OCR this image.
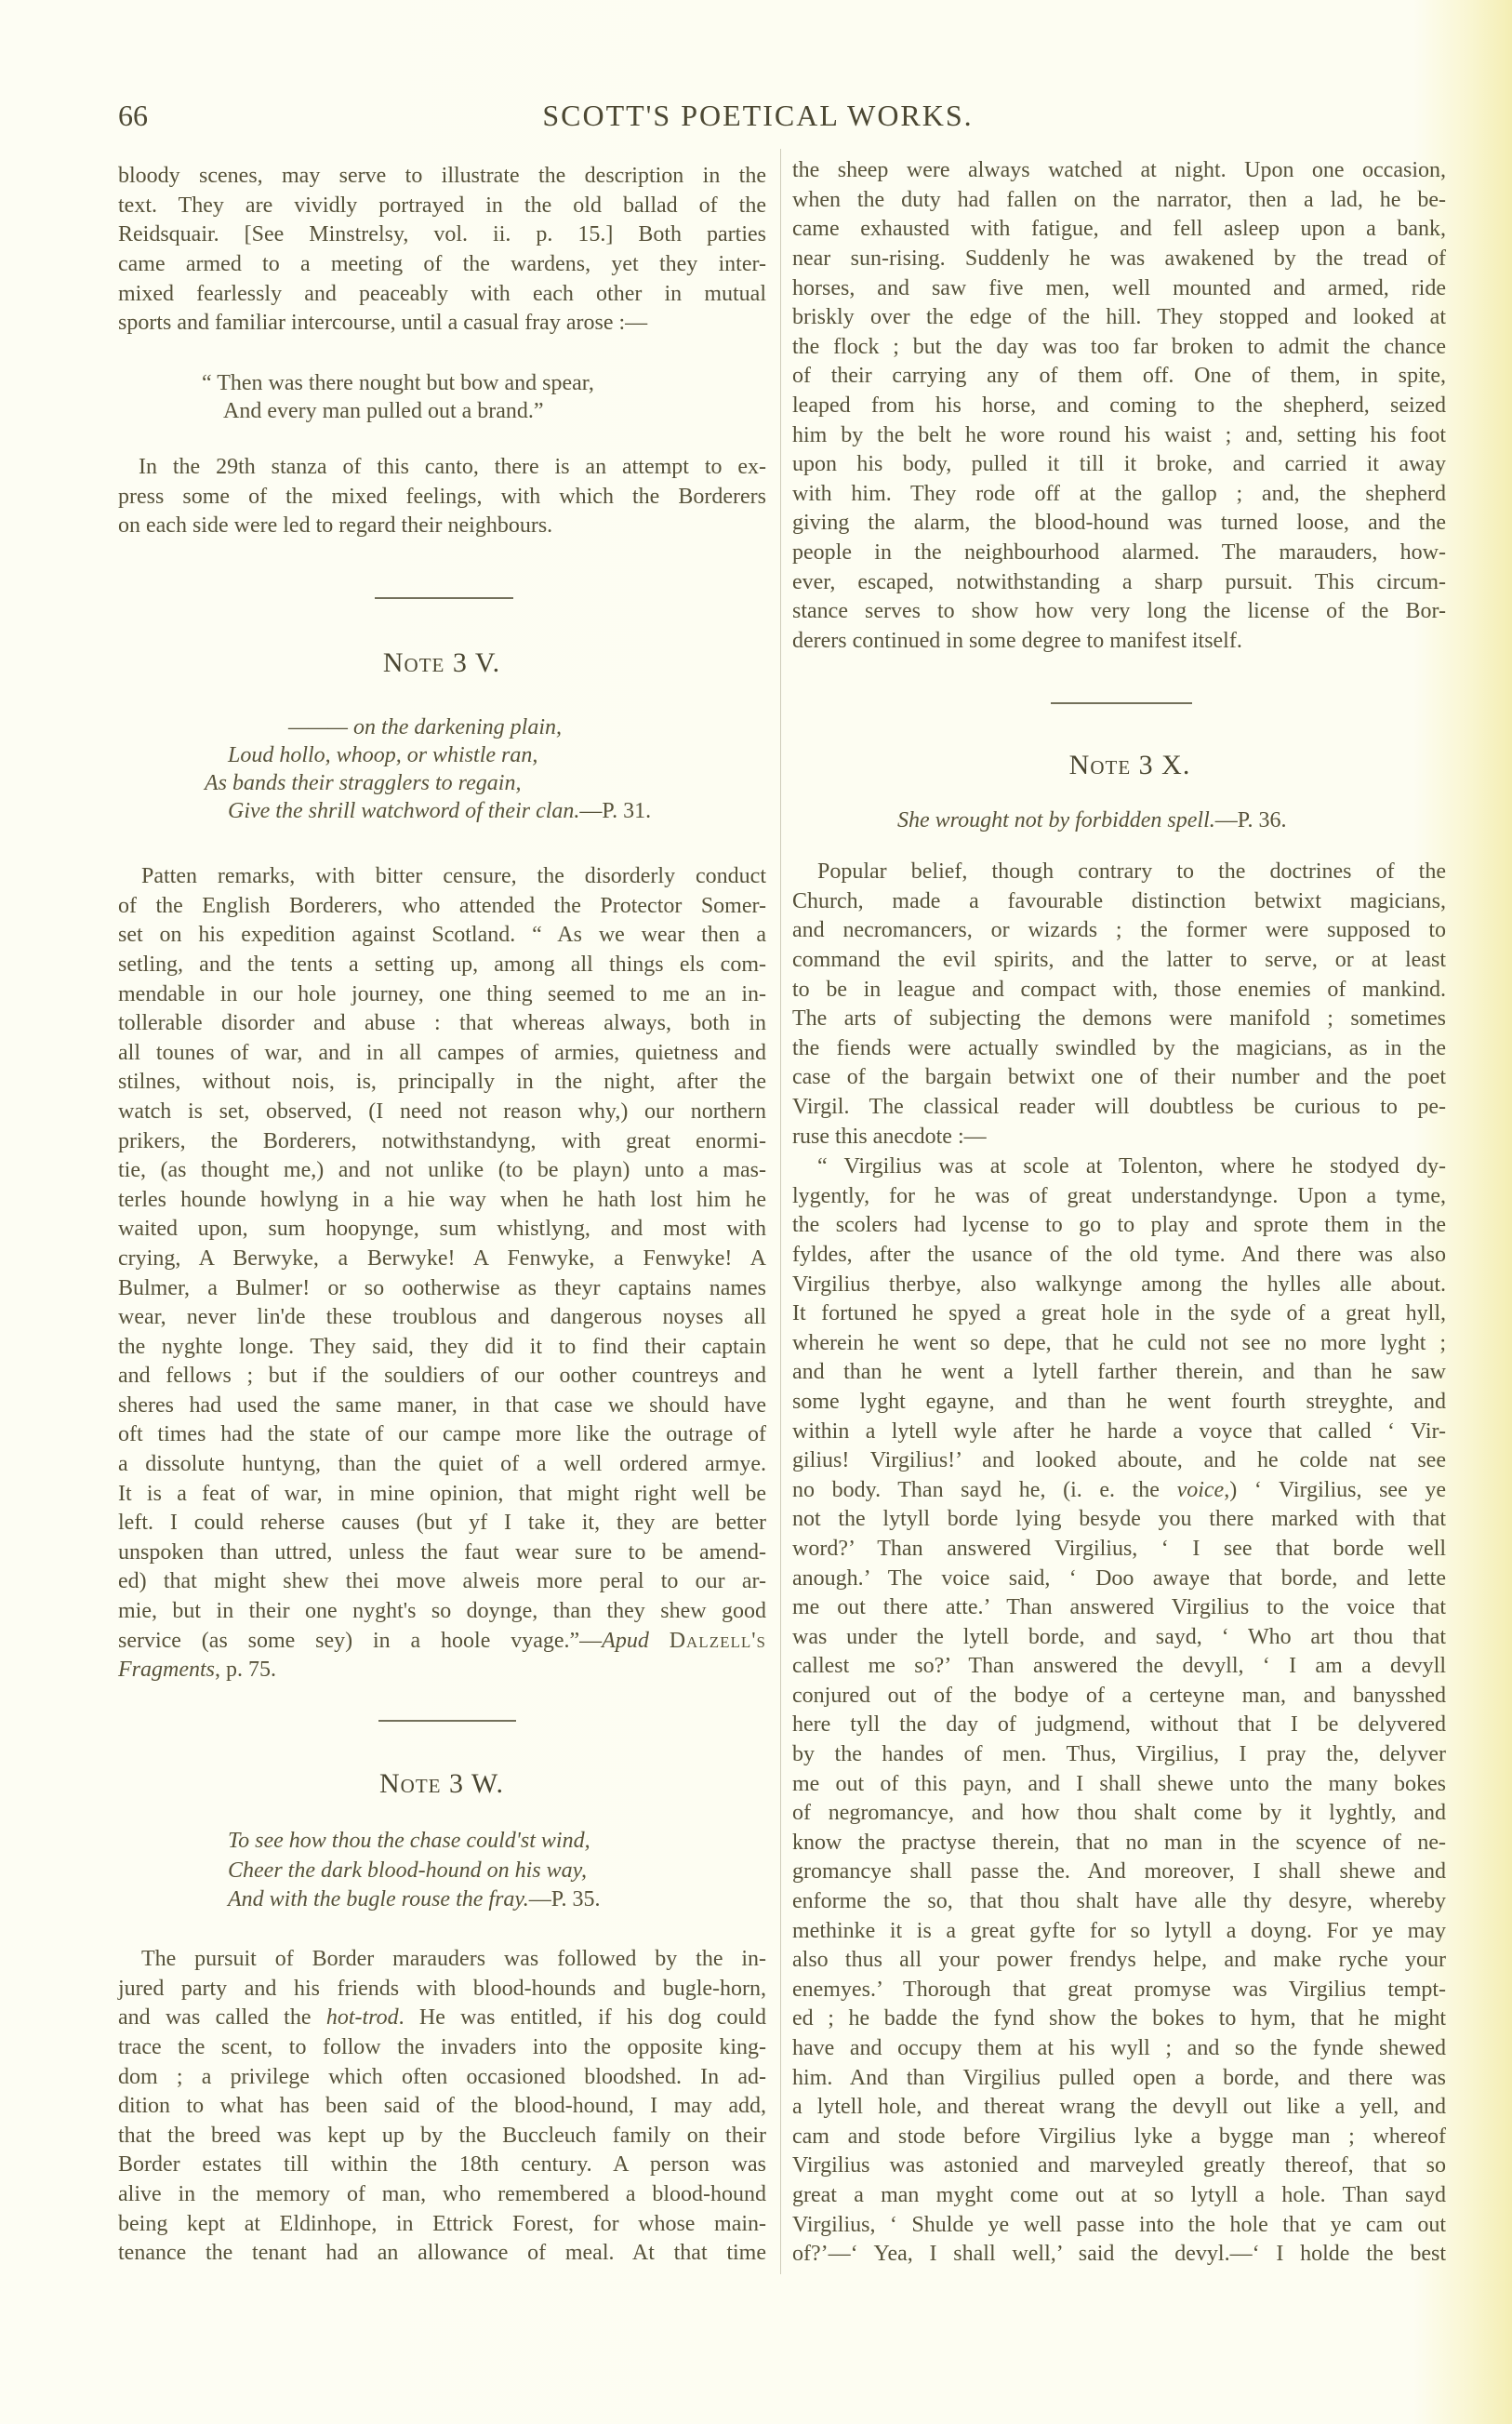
66	SCOTT'S POETICAL WORKS.
bloody scenes, may serve to illustrate the description in the
text. They are vividly portrayed in the old ballad of the
Reidsquair. [See Minstrelsy, vol. ii. p. 15.] Both parties
came armed to a meeting of the wardens, yet they inter-
mixed fearlessly and peaceably with each other in mutual
sports and familiar intercourse, until a casual fray arose :—
“ Then was there nought but bow and spear,
And every man pulled out a brand.”
In the 29th stanza of this canto, there is an attempt to ex-
press some of the mixed feelings, with which the Borderers
on each side were led to regard their neighbours.
Note 3 V.
——— on the darkening plain,
Loud hollo, whoop, or whistle ran,
As bands their stragglers to regain,
Give the shrill watchword of their clan.—P. 31.
Patten remarks, with bitter censure, the disorderly conduct
of the English Borderers, who attended the Protector Somer-
set on his expedition against Scotland. “ As we wear then a
setling, and the tents a setting up, among all things els com-
mendable in our hole journey, one thing seemed to me an in-
tollerable disorder and abuse : that whereas always, both in
all tounes of war, and in all campes of armies, quietness and
stilnes, without nois, is, principally in the night, after the
watch is set, observed, (I need not reason why,) our northern
prikers, the Borderers, notwithstandyng, with great enormi-
tie, (as thought me,) and not unlike (to be playn) unto a mas-
terles hounde howlyng in a hie way when he hath lost him he
waited upon, sum hoopynge, sum whistlyng, and most with
crying, A Berwyke, a Berwyke! A Fenwyke, a Fenwyke! A
Bulmer, a Bulmer! or so ootherwise as theyr captains names
wear, never lin'de these troublous and dangerous noyses all
the nyghte longe. They said, they did it to find their captain
and fellows ; but if the souldiers of our oother countreys and
sheres had used the same maner, in that case we should have
oft times had the state of our campe more like the outrage of
a dissolute huntyng, than the quiet of a well ordered armye.
It is a feat of war, in mine opinion, that might right well be
left. I could reherse causes (but yf I take it, they are better
unspoken than uttred, unless the faut wear sure to be amend-
ed) that might shew thei move alweis more peral to our ar-
mie, but in their one nyght's so doynge, than they shew good
service (as some sey) in a hoole vyage.”—Apud Dalzell's
Fragments, p. 75.
Note 3 W.
To see how thou the chase could'st wind,
Cheer the dark blood-hound on his way,
And with the bugle rouse the fray.—P. 35.
The pursuit of Border marauders was followed by the in-
jured party and his friends with blood-hounds and bugle-horn,
and was called the hot-trod. He was entitled, if his dog could
trace the scent, to follow the invaders into the opposite king-
dom ; a privilege which often occasioned bloodshed. In ad-
dition to what has been said of the blood-hound, I may add,
that the breed was kept up by the Buccleuch family on their
Border estates till within the 18th century. A person was
alive in the memory of man, who remembered a blood-hound
being kept at Eldinhope, in Ettrick Forest, for whose main-
tenance the tenant had an allowance of meal. At that time
the sheep were always watched at night. Upon one occasion,
when the duty had fallen on the narrator, then a lad, he be-
came exhausted with fatigue, and fell asleep upon a bank,
near sun-rising. Suddenly he was awakened by the tread of
horses, and saw five men, well mounted and armed, ride
briskly over the edge of the hill. They stopped and looked at
the flock ; but the day was too far broken to admit the chance
of their carrying any of them off. One of them, in spite,
leaped from his horse, and coming to the shepherd, seized
him by the belt he wore round his waist ; and, setting his foot
upon his body, pulled it till it broke, and carried it away
with him. They rode off at the gallop ; and, the shepherd
giving the alarm, the blood-hound was turned loose, and the
people in the neighbourhood alarmed. The marauders, how-
ever, escaped, notwithstanding a sharp pursuit. This circum-
stance serves to show how very long the license of the Bor-
derers continued in some degree to manifest itself.
Note 3 X.
She wrought not by forbidden spell.—P. 36.
Popular belief, though contrary to the doctrines of the
Church, made a favourable distinction betwixt magicians,
and necromancers, or wizards ; the former were supposed to
command the evil spirits, and the latter to serve, or at least
to be in league and compact with, those enemies of mankind.
The arts of subjecting the demons were manifold ; sometimes
the fiends were actually swindled by the magicians, as in the
case of the bargain betwixt one of their number and the poet
Virgil. The classical reader will doubtless be curious to pe-
ruse this anecdote :—
“ Virgilius was at scole at Tolenton, where he stodyed dy-
lygently, for he was of great understandynge. Upon a tyme,
the scolers had lycense to go to play and sprote them in the
fyldes, after the usance of the old tyme. And there was also
Virgilius therbye, also walkynge among the hylles alle about.
It fortuned he spyed a great hole in the syde of a great hyll,
wherein he went so depe, that he culd not see no more lyght ;
and than he went a lytell farther therein, and than he saw
some lyght egayne, and than he went fourth streyghte, and
within a lytell wyle after he harde a voyce that called ‘ Vir-
gilius! Virgilius!’ and looked aboute, and he colde nat see
no body. Than sayd he, (i. e. the voice,) ‘ Virgilius, see ye
not the lytyll borde lying besyde you there marked with that
word?’ Than answered Virgilius, ‘ I see that borde well
anough.’ The voice said, ‘ Doo awaye that borde, and lette
me out there atte.’ Than answered Virgilius to the voice that
was under the lytell borde, and sayd, ‘ Who art thou that
callest me so?’ Than answered the devyll, ‘ I am a devyll
conjured out of the bodye of a certeyne man, and banysshed
here tyll the day of judgmend, without that I be delyvered
by the handes of men. Thus, Virgilius, I pray the, delyver
me out of this payn, and I shall shewe unto the many bokes
of negromancye, and how thou shalt come by it lyghtly, and
know the practyse therein, that no man in the scyence of ne-
gromancye shall passe the. And moreover, I shall shewe and
enforme the so, that thou shalt have alle thy desyre, whereby
methinke it is a great gyfte for so lytyll a doyng. For ye may
also thus all your power frendys helpe, and make ryche your
enemyes.’ Thorough that great promyse was Virgilius tempt-
ed ; he badde the fynd show the bokes to hym, that he might
have and occupy them at his wyll ; and so the fynde shewed
him. And than Virgilius pulled open a borde, and there was
a lytell hole, and thereat wrang the devyll out like a yell, and
cam and stode before Virgilius lyke a bygge man ; whereof
Virgilius was astonied and marveyled greatly thereof, that so
great a man myght come out at so lytyll a hole. Than sayd
Virgilius, ‘ Shulde ye well passe into the hole that ye cam out
of?’—‘ Yea, I shall well,’ said the devyl.—‘ I holde the best
